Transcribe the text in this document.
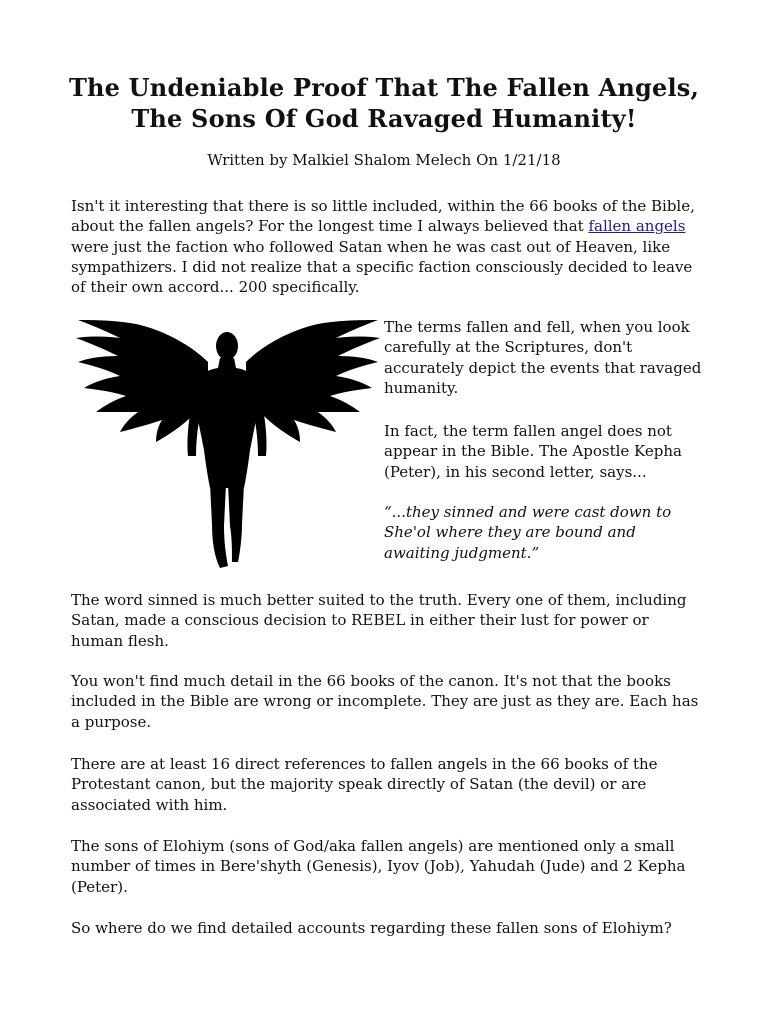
The Undeniable Proof That The Fallen Angels,
The Sons Of God Ravaged Humanity!
Written by Malkiel Shalom Melech On 1/21/18

Isn't it interesting that there is so little included, within the 66 books of the Bible, about the fallen angels? For the longest time I always believed that fallen angels were just the faction who followed Satan when he was cast out of Heaven, like sympathizers. I did not realize that a specific faction consciously decided to leave of their own accord... 200 specifically.

The terms fallen and fell, when you look carefully at the Scriptures, don't accurately depict the events that ravaged humanity.

In fact, the term fallen angel does not appear in the Bible. The Apostle Kepha (Peter), in his second letter, says...

“...they sinned and were cast down to She'ol where they are bound and awaiting judgment.”

The word sinned is much better suited to the truth. Every one of them, including Satan, made a conscious decision to REBEL in either their lust for power or human flesh.

You won't find much detail in the 66 books of the canon. It's not that the books included in the Bible are wrong or incomplete. They are just as they are. Each has a purpose.

There are at least 16 direct references to fallen angels in the 66 books of the Protestant canon, but the majority speak directly of Satan (the devil) or are associated with him.

The sons of Elohiym (sons of God/aka fallen angels) are mentioned only a small number of times in Bere'shyth (Genesis), Iyov (Job), Yahudah (Jude) and 2 Kepha (Peter).

So where do we find detailed accounts regarding these fallen sons of Elohiym?
